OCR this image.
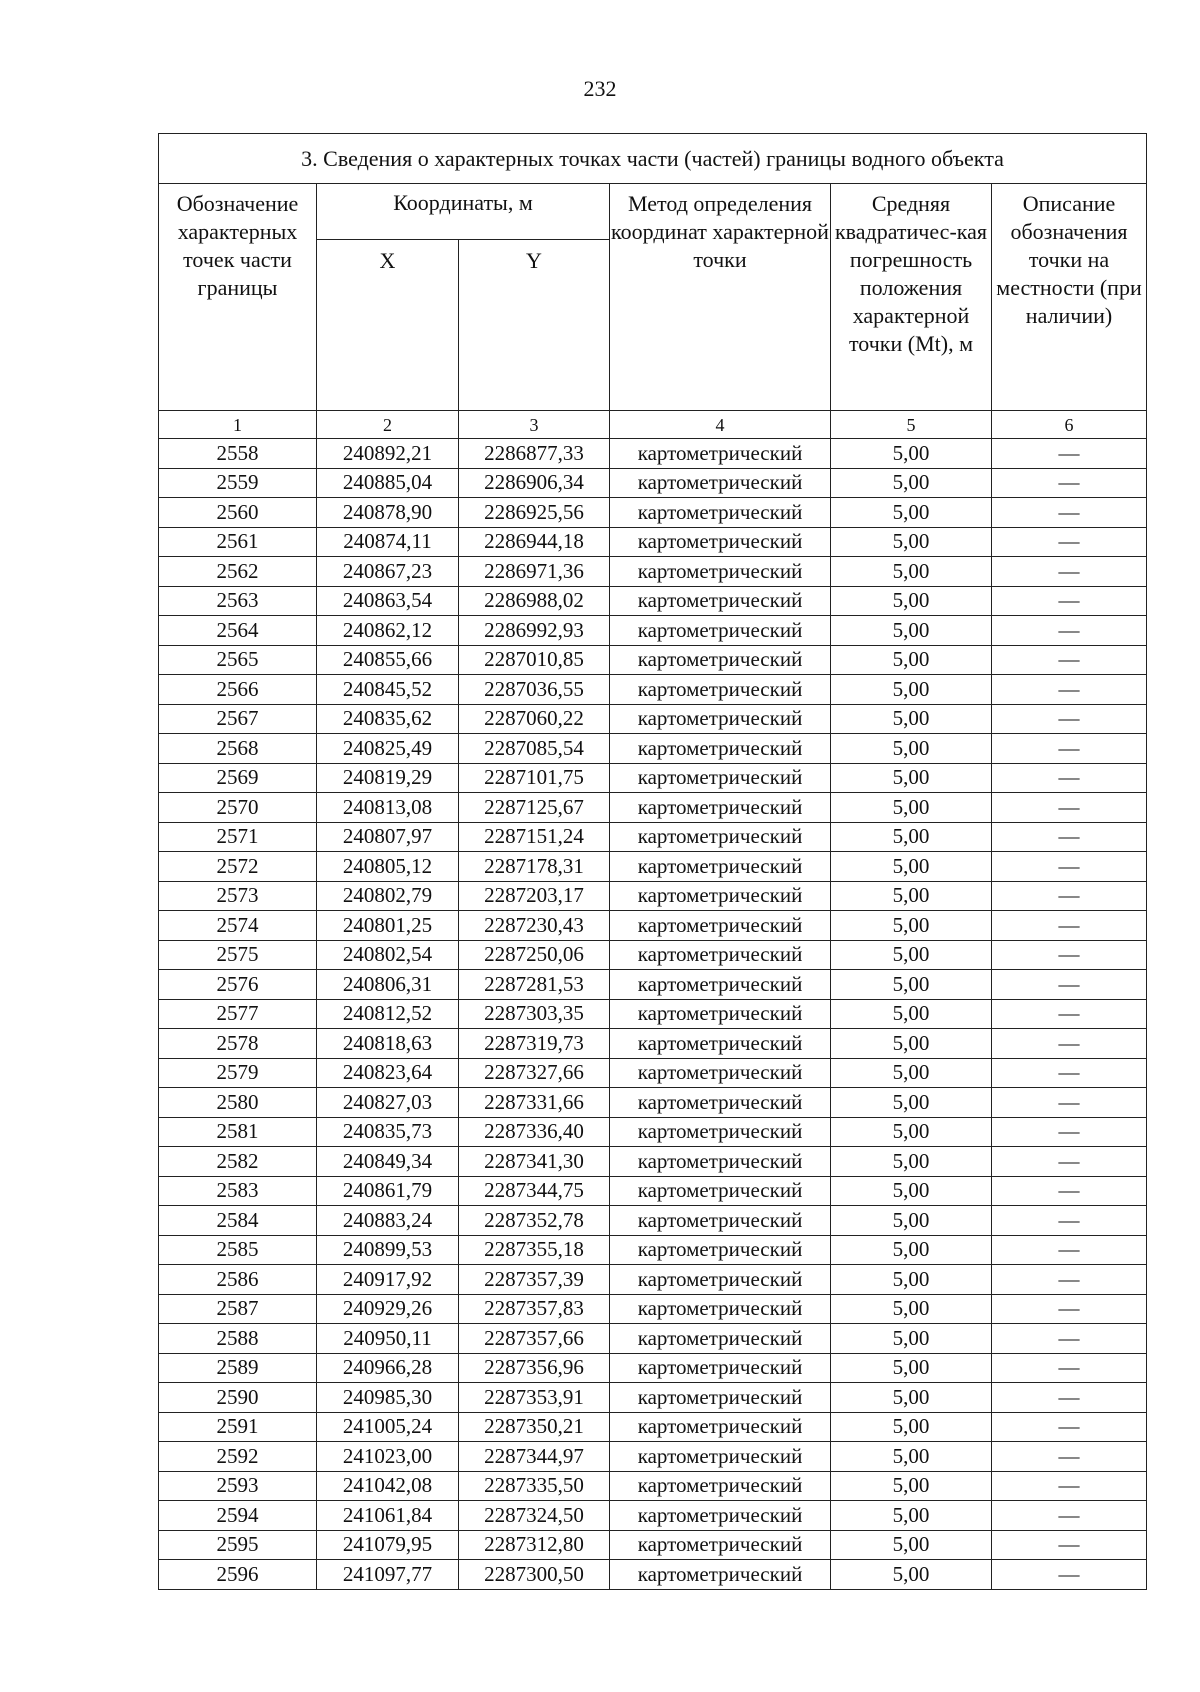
232
3. Сведения о характерных точках части (частей) границы водного объекта					
Обозначение характерных точек части границы	Координаты, м		Метод определения координат характерной точки	Средняя квадратичес-кая погрешность положения характерной точки (Mt), м	Описание обозначения точки на местности (при наличии)
	X	Y			
1	2	3	4	5	6
2558	240892,21	2286877,33	картометрический	5,00	—
2559	240885,04	2286906,34	картометрический	5,00	—
2560	240878,90	2286925,56	картометрический	5,00	—
2561	240874,11	2286944,18	картометрический	5,00	—
2562	240867,23	2286971,36	картометрический	5,00	—
2563	240863,54	2286988,02	картометрический	5,00	—
2564	240862,12	2286992,93	картометрический	5,00	—
2565	240855,66	2287010,85	картометрический	5,00	—
2566	240845,52	2287036,55	картометрический	5,00	—
2567	240835,62	2287060,22	картометрический	5,00	—
2568	240825,49	2287085,54	картометрический	5,00	—
2569	240819,29	2287101,75	картометрический	5,00	—
2570	240813,08	2287125,67	картометрический	5,00	—
2571	240807,97	2287151,24	картометрический	5,00	—
2572	240805,12	2287178,31	картометрический	5,00	—
2573	240802,79	2287203,17	картометрический	5,00	—
2574	240801,25	2287230,43	картометрический	5,00	—
2575	240802,54	2287250,06	картометрический	5,00	—
2576	240806,31	2287281,53	картометрический	5,00	—
2577	240812,52	2287303,35	картометрический	5,00	—
2578	240818,63	2287319,73	картометрический	5,00	—
2579	240823,64	2287327,66	картометрический	5,00	—
2580	240827,03	2287331,66	картометрический	5,00	—
2581	240835,73	2287336,40	картометрический	5,00	—
2582	240849,34	2287341,30	картометрический	5,00	—
2583	240861,79	2287344,75	картометрический	5,00	—
2584	240883,24	2287352,78	картометрический	5,00	—
2585	240899,53	2287355,18	картометрический	5,00	—
2586	240917,92	2287357,39	картометрический	5,00	—
2587	240929,26	2287357,83	картометрический	5,00	—
2588	240950,11	2287357,66	картометрический	5,00	—
2589	240966,28	2287356,96	картометрический	5,00	—
2590	240985,30	2287353,91	картометрический	5,00	—
2591	241005,24	2287350,21	картометрический	5,00	—
2592	241023,00	2287344,97	картометрический	5,00	—
2593	241042,08	2287335,50	картометрический	5,00	—
2594	241061,84	2287324,50	картометрический	5,00	—
2595	241079,95	2287312,80	картометрический	5,00	—
2596	241097,77	2287300,50	картометрический	5,00	—
